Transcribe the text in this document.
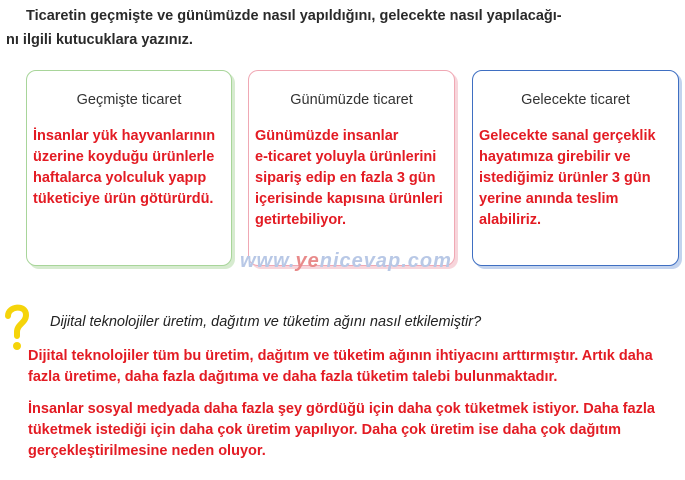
Ticaretin geçmişte ve günümüzde nasıl yapıldığını, gelecekte nasıl yapılacağı-
nı ilgili kutucuklara yazınız.
Geçmişte ticaret
İnsanlar yük hayvanlarının
üzerine koyduğu ürünlerle
haftalarca yolculuk yapıp
tüketiciye ürün götürürdü.
Günümüzde ticaret
Günümüzde insanlar
e-ticaret yoluyla ürünlerini
sipariş edip en fazla 3 gün
içerisinde kapısına ürünleri
getirtebiliyor.
Gelecekte ticaret
Gelecekte sanal gerçeklik
hayatımıza girebilir ve
istediğimiz ürünler 3 gün
yerine anında teslim
alabiliriz.
www.yenicevap.com
Dijital teknolojiler üretim, dağıtım ve tüketim ağını nasıl etkilemiştir?

Dijital teknolojiler tüm bu üretim, dağıtım ve tüketim ağının ihtiyacını arttırmıştır. Artık daha fazla üretime, daha fazla dağıtıma ve daha fazla tüketim talebi bulunmaktadır.

İnsanlar sosyal medyada daha fazla şey gördüğü için daha çok tüketmek istiyor. Daha fazla tüketmek istediği için daha çok üretim yapılıyor. Daha çok üretim ise daha çok dağıtım gerçekleştirilmesine neden oluyor.
